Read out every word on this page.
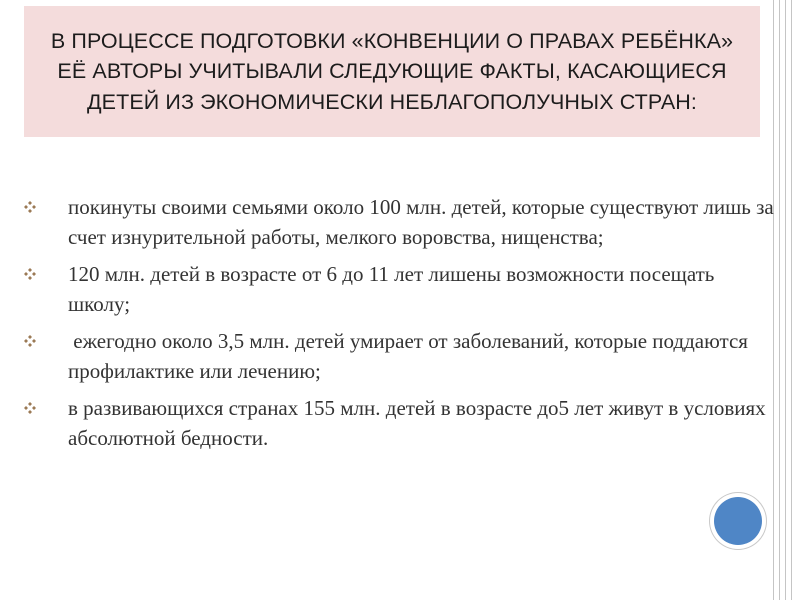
В ПРОЦЕССЕ ПОДГОТОВКИ «КОНВЕНЦИИ О ПРАВАХ РЕБЁНКА» ЕЁ АВТОРЫ УЧИТЫВАЛИ СЛЕДУЮЩИЕ ФАКТЫ, КАСАЮЩИЕСЯ ДЕТЕЙ ИЗ ЭКОНОМИЧЕСКИ НЕБЛАГОПОЛУЧНЫХ СТРАН:
покинуты своими семьями около 100 млн. детей, которые существуют лишь за счет изнурительной работы, мелкого воровства, нищенства;
120 млн. детей в возрасте от 6 до 11 лет лишены возможности посещать школу;
ежегодно около 3,5 млн. детей умирает от заболеваний, которые поддаются профилактике или лечению;
в развивающихся странах 155 млн. детей в возрасте до5 лет живут в условиях абсолютной бедности.
